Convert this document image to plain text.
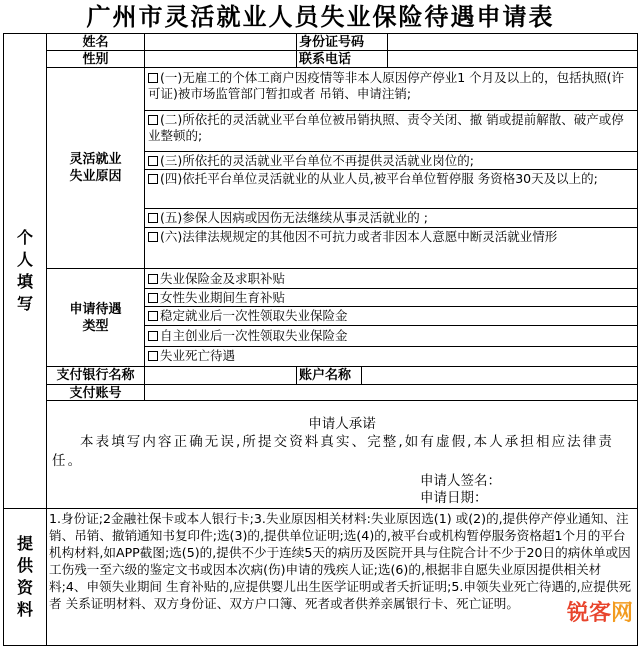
广州市灵活就业人员失业保险待遇申请表
个
人
填
写
姓名	身份证号码
性别	联系电话
灵活就业
失业原因
(一)无雇工的个体工商户因疫情等非本人原因停产停业1 个月及以上的，包括执照(许可证)被市场监管部门暂扣或者 吊销、申请注销;
(二)所依托的灵活就业平台单位被吊销执照、责令关闭、撤 销或提前解散、破产或停业整顿的;
(三)所依托的灵活就业平台单位不再提供灵活就业岗位的;
(四)依托平台单位灵活就业的从业人员,被平台单位暂停服 务资格30天及以上的;
(五)参保人因病或因伤无法继续从事灵活就业的 ;
(六)法律法规规定的其他因不可抗力或者非因本人意愿中断灵活就业情形
申请待遇
类型
失业保险金及求职补贴
女性失业期间生育补贴
稳定就业后一次性领取失业保险金
自主创业后一次性领取失业保险金
失业死亡待遇
支付银行名称	账户名称
支付账号
申请人承诺
本表填写内容正确无误,所提交资料真实、完整,如有虚假,本人承担相应法律责任。
申请人签名：
申请日期：
提
供
资
料
1.身份证;2金融社保卡或本人银行卡;3.失业原因相关材料:失业原因选(1) 或(2)的,提供停产停业通知、注销、吊销、撤销通知书复印件;选(3)的,提供单位证明;选(4)的,被平台或机构暂停服务资格超1个月的平台机构材料,如APP截图;选(5)的,提供不少于连续5天的病历及医院开具与住院合计不少于20日的病休单或因工伤残一至六级的鉴定文书或因本次病(伤)申请的残疾人证;选(6)的,根据非自愿失业原因提供相关材料;4、申领失业期间 生育补贴的,应提供婴儿出生医学证明或者夭折证明;5.申领失业死亡待遇的,应提供死者 关系证明材料、双方身份证、双方户口簿、死者或者供养亲属银行卡、死亡证明。	锐客网
